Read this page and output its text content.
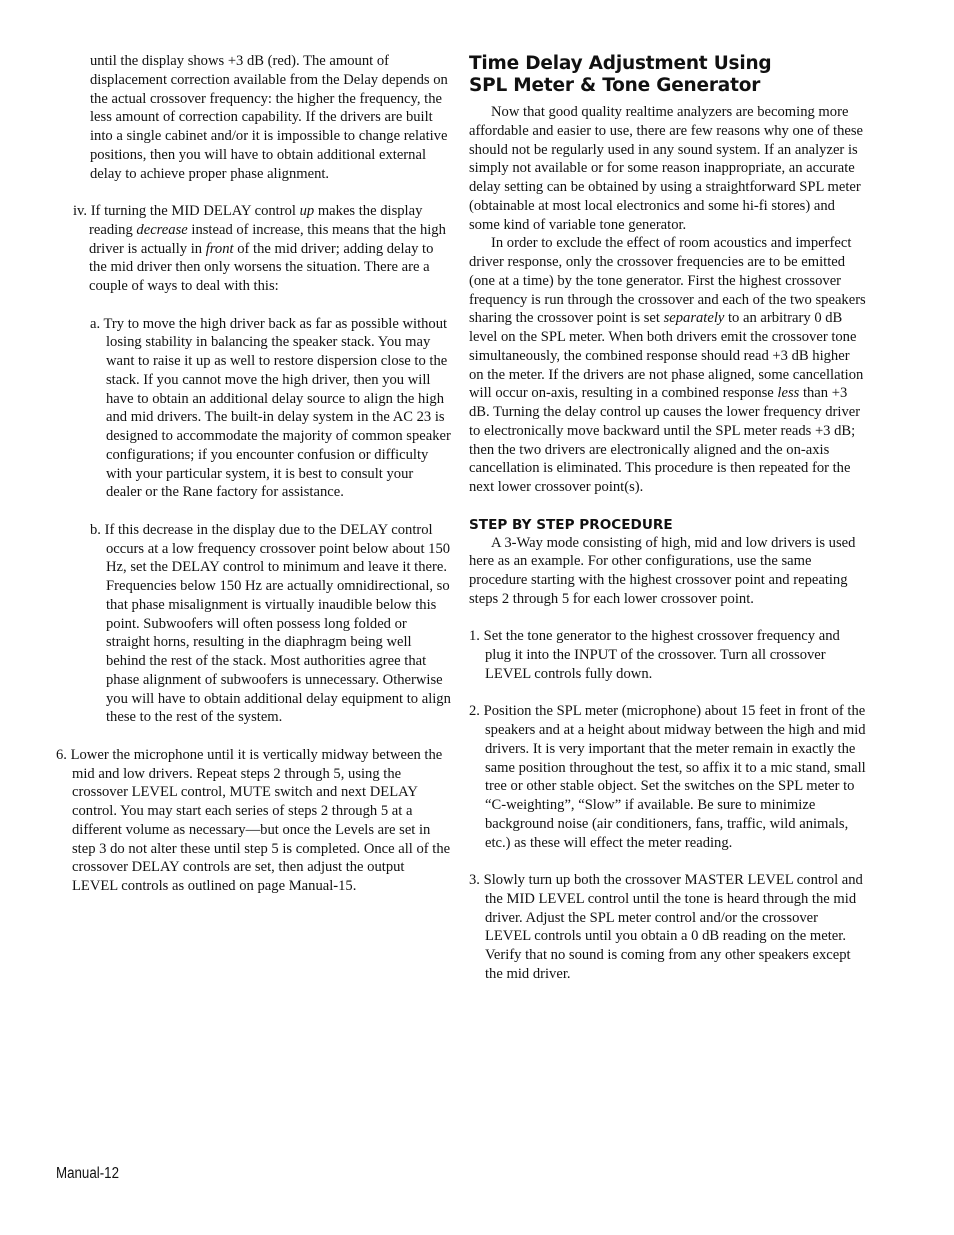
until the display shows +3 dB (red). The amount of displacement correction available from the Delay depends on the actual crossover frequency: the higher the frequency, the less amount of correction capability. If the drivers are built into a single cabinet and/or it is impossible to change relative positions, then you will have to obtain additional external delay to achieve proper phase alignment.

iv. If turning the MID DELAY control up makes the display reading decrease instead of increase, this means that the high driver is actually in front of the mid driver; adding delay to the mid driver then only worsens the situation. There are a couple of ways to deal with this:

a. Try to move the high driver back as far as possible without losing stability in balancing the speaker stack. You may want to raise it up as well to restore dispersion close to the stack. If you cannot move the high driver, then you will have to obtain an additional delay source to align the high and mid drivers. The built-in delay system in the AC 23 is designed to accommodate the majority of common speaker configurations; if you encounter confusion or difficulty with your particular system, it is best to consult your dealer or the Rane factory for assistance.

b. If this decrease in the display due to the DELAY control occurs at a low frequency crossover point below about 150 Hz, set the DELAY control to minimum and leave it there. Frequencies below 150 Hz are actually omnidirectional, so that phase misalignment is virtually inaudible below this point. Subwoofers will often possess long folded or straight horns, resulting in the diaphragm being well behind the rest of the stack. Most authorities agree that phase alignment of subwoofers is unnecessary. Otherwise you will have to obtain additional delay equipment to align these to the rest of the system.

6. Lower the microphone until it is vertically midway between the mid and low drivers. Repeat steps 2 through 5, using the crossover LEVEL control, MUTE switch and next DELAY control. You may start each series of steps 2 through 5 at a different volume as necessary—but once the Levels are set in step 3 do not alter these until step 5 is completed. Once all of the crossover DELAY controls are set, then adjust the output LEVEL controls as outlined on page Manual-15.

Time Delay Adjustment Using
SPL Meter & Tone Generator

Now that good quality realtime analyzers are becoming more affordable and easier to use, there are few reasons why one of these should not be regularly used in any sound system. If an analyzer is simply not available or for some reason inappropriate, an accurate delay setting can be obtained by using a straightforward SPL meter (obtainable at most local electronics and some hi-fi stores) and some kind of variable tone generator.

In order to exclude the effect of room acoustics and imperfect driver response, only the crossover frequencies are to be emitted (one at a time) by the tone generator. First the highest crossover frequency is run through the crossover and each of the two speakers sharing the crossover point is set separately to an arbitrary 0 dB level on the SPL meter. When both drivers emit the crossover tone simultaneously, the combined response should read +3 dB higher on the meter. If the drivers are not phase aligned, some cancellation will occur on-axis, resulting in a combined response less than +3 dB. Turning the delay control up causes the lower frequency driver to electronically move backward until the SPL meter reads +3 dB; then the two drivers are electronically aligned and the on-axis cancellation is eliminated. This procedure is then repeated for the next lower crossover point(s).

STEP BY STEP PROCEDURE

A 3-Way mode consisting of high, mid and low drivers is used here as an example. For other configurations, use the same procedure starting with the highest crossover point and repeating steps 2 through 5 for each lower crossover point.

1. Set the tone generator to the highest crossover frequency and plug it into the INPUT of the crossover. Turn all crossover LEVEL controls fully down.

2. Position the SPL meter (microphone) about 15 feet in front of the speakers and at a height about midway between the high and mid drivers. It is very important that the meter remain in exactly the same position throughout the test, so affix it to a mic stand, small tree or other stable object. Set the switches on the SPL meter to “C-weighting”, “Slow” if available. Be sure to minimize background noise (air conditioners, fans, traffic, wild animals, etc.) as these will effect the meter reading.

3. Slowly turn up both the crossover MASTER LEVEL control and the MID LEVEL control until the tone is heard through the mid driver. Adjust the SPL meter control and/or the crossover LEVEL controls until you obtain a 0 dB reading on the meter. Verify that no sound is coming from any other speakers except the mid driver.

Manual-12
